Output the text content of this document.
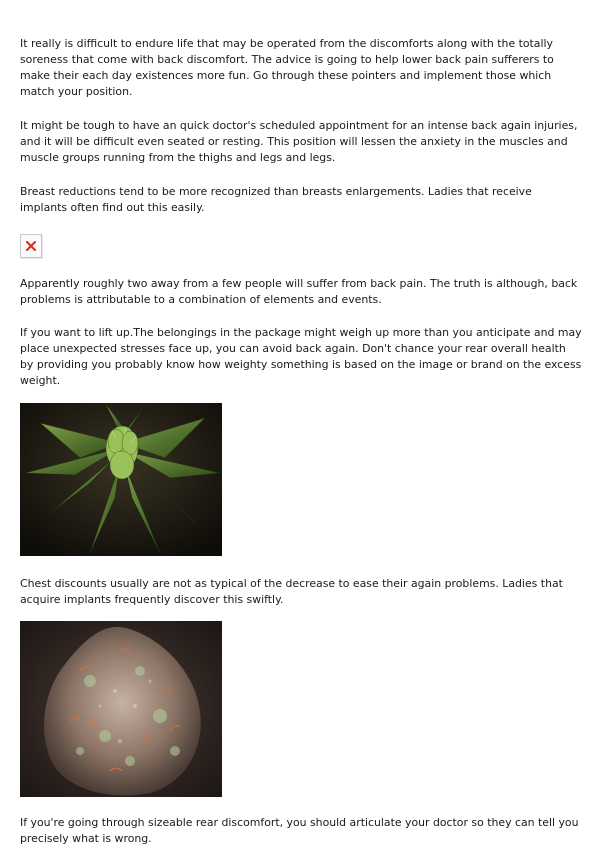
It really is difficult to endure life that may be operated from the discomforts along with the totally soreness that come with back discomfort. The advice is going to help lower back pain sufferers to make their each day existences more fun. Go through these pointers and implement those which match your position.

It might be tough to have an quick doctor's scheduled appointment for an intense back again injuries, and it will be difficult even seated or resting. This position will lessen the anxiety in the muscles and muscle groups running from the thighs and legs and legs.

Breast reductions tend to be more recognized than breasts enlargements. Ladies that receive implants often find out this easily.

Apparently roughly two away from a few people will suffer from back pain. The truth is although, back problems is attributable to a combination of elements and events.

If you want to lift up.The belongings in the package might weigh up more than you anticipate and may place unexpected stresses face up, you can avoid back again. Don't chance your rear overall health by providing you probably know how weighty something is based on the image or brand on the excess weight.

Chest discounts usually are not as typical of the decrease to ease their again problems. Ladies that acquire implants frequently discover this swiftly.

If you're going through sizeable rear discomfort, you should articulate your doctor so they can tell you precisely what is wrong.
